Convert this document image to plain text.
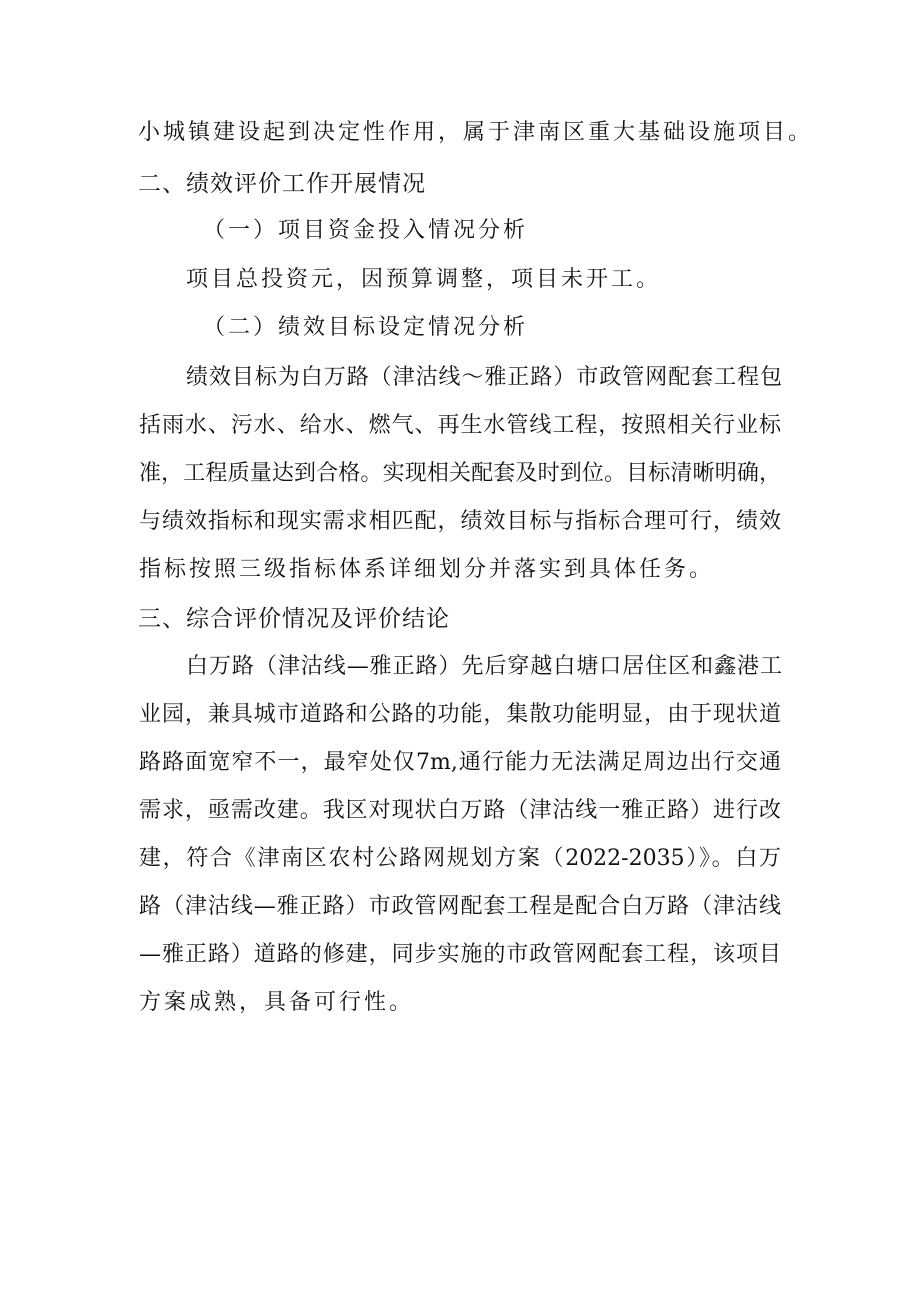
小城镇建设起到决定性作用，属于津南区重大基础设施项目。
二、绩效评价工作开展情况
（一）项目资金投入情况分析
项目总投资元，因预算调整，项目未开工。
（二）绩效目标设定情况分析
绩效目标为白万路（津沽线～雅正路）市政管网配套工程包
括雨水、污水、给水、燃气、再生水管线工程，按照相关行业标
准，工程质量达到合格。实现相关配套及时到位。目标清晰明确，
与绩效指标和现实需求相匹配，绩效目标与指标合理可行，绩效
指标按照三级指标体系详细划分并落实到具体任务。
三、综合评价情况及评价结论
白万路（津沽线—雅正路）先后穿越白塘口居住区和鑫港工
业园，兼具城市道路和公路的功能，集散功能明显，由于现状道
路路面宽窄不一，最窄处仅7m,通行能力无法满足周边出行交通
需求，亟需改建。我区对现状白万路（津沽线一雅正路）进行改
建，符合《津南区农村公路网规划方案（2022-2035）》。白万
路（津沽线—雅正路）市政管网配套工程是配合白万路（津沽线
—雅正路）道路的修建，同步实施的市政管网配套工程，该项目
方案成熟，具备可行性。
